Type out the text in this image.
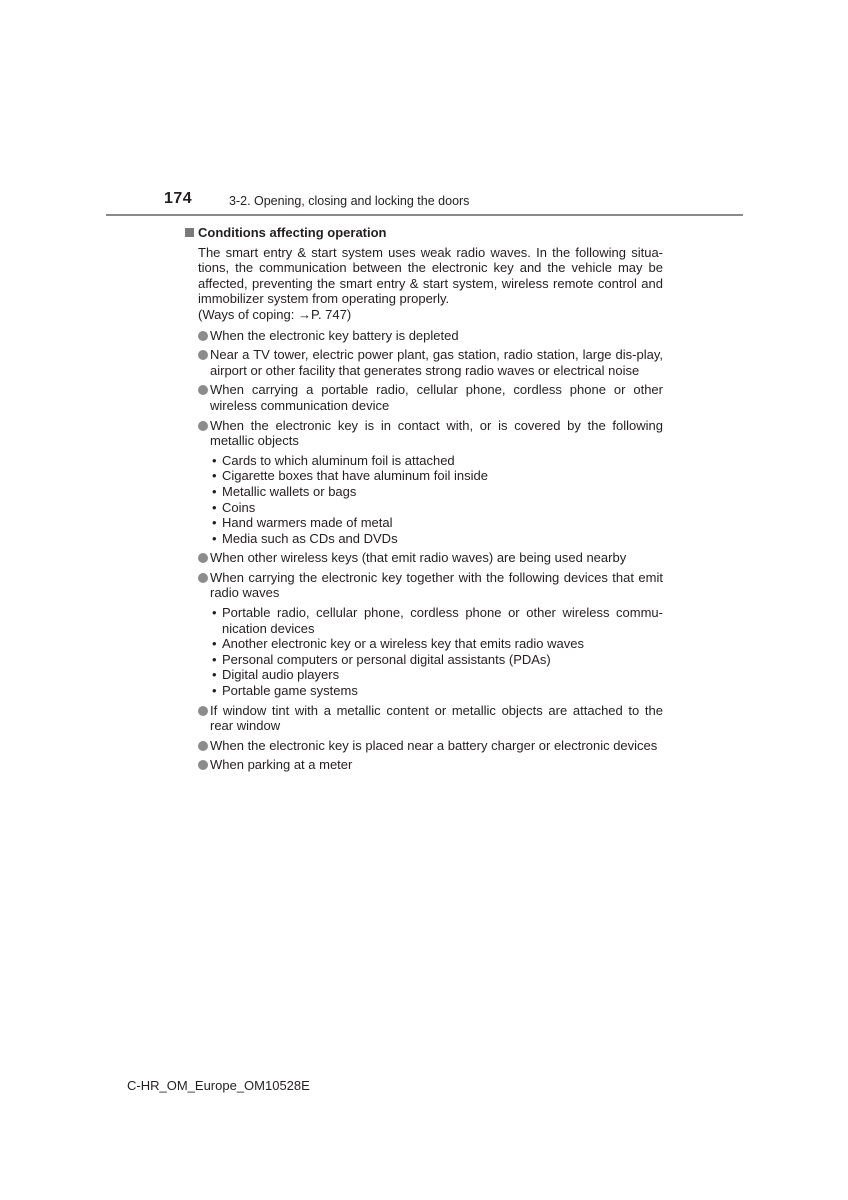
174	3-2. Opening, closing and locking the doors
Conditions affecting operation

The smart entry & start system uses weak radio waves. In the following situa-tions, the communication between the electronic key and the vehicle may be affected, preventing the smart entry & start system, wireless remote control and immobilizer system from operating properly.

(Ways of coping: →P. 747)

When the electronic key battery is depleted
Near a TV tower, electric power plant, gas station, radio station, large dis-play, airport or other facility that generates strong radio waves or electrical noise
When carrying a portable radio, cellular phone, cordless phone or other wireless communication device
When the electronic key is in contact with, or is covered by the following metallic objects
• Cards to which aluminum foil is attached
• Cigarette boxes that have aluminum foil inside
• Metallic wallets or bags
• Coins
• Hand warmers made of metal
• Media such as CDs and DVDs
When other wireless keys (that emit radio waves) are being used nearby
When carrying the electronic key together with the following devices that emit radio waves
• Portable radio, cellular phone, cordless phone or other wireless commu-nication devices
• Another electronic key or a wireless key that emits radio waves
• Personal computers or personal digital assistants (PDAs)
• Digital audio players
• Portable game systems
If window tint with a metallic content or metallic objects are attached to the rear window
When the electronic key is placed near a battery charger or electronic devices
When parking at a meter
C-HR_OM_Europe_OM10528E
